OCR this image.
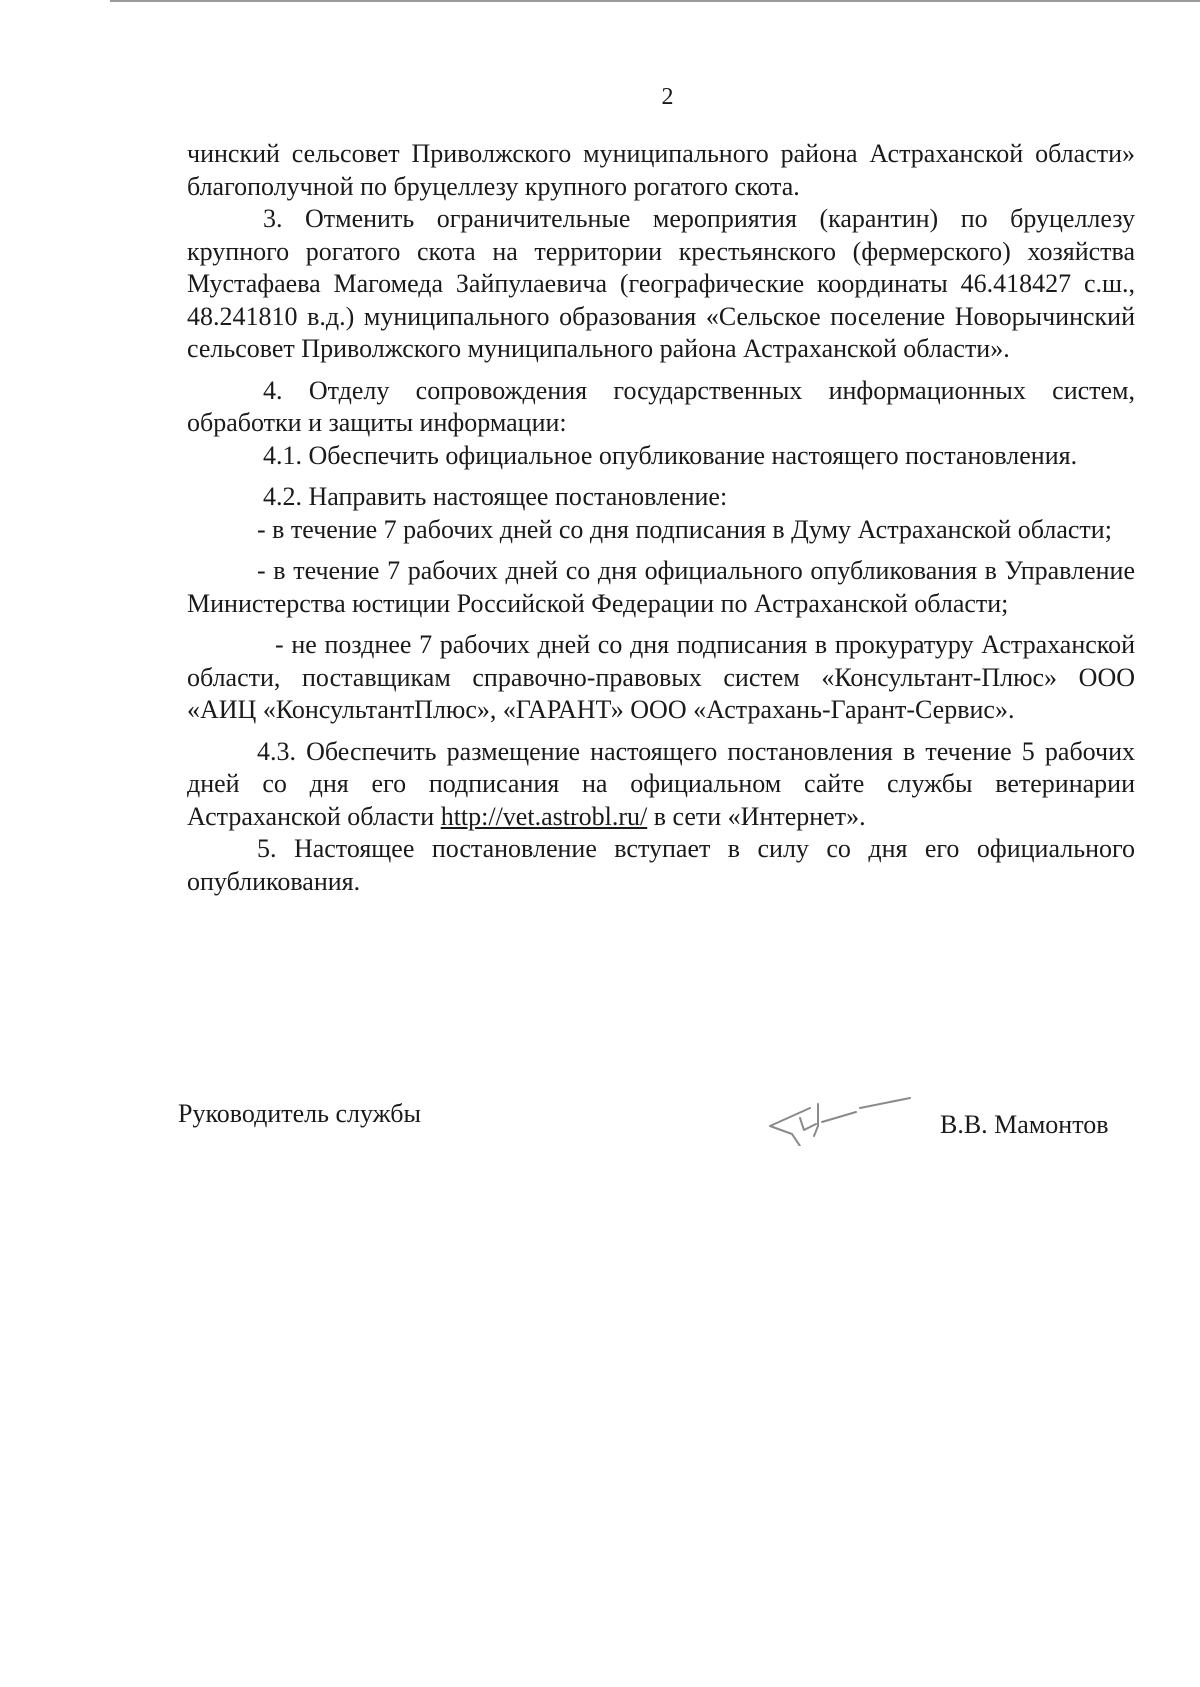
2

чинский сельсовет Приволжского муниципального района Астраханской области» благополучной по бруцеллезу крупного рогатого скота.

3. Отменить ограничительные мероприятия (карантин) по бруцеллезу крупного рогатого скота на территории крестьянского (фермерского) хозяйства Мустафаева Магомеда Зайпулаевича (географические координаты 46.418427 с.ш., 48.241810 в.д.) муниципального образования «Сельское поселение Новорычинский сельсовет Приволжского муниципального района Астраханской области».

4. Отделу сопровождения государственных информационных систем, обработки и защиты информации:

4.1. Обеспечить официальное опубликование настоящего постановления.

4.2. Направить настоящее постановление:

- в течение 7 рабочих дней со дня подписания в Думу Астраханской области;

- в течение 7 рабочих дней со дня официального опубликования в Управление Министерства юстиции Российской Федерации по Астраханской области;

- не позднее 7 рабочих дней со дня подписания в прокуратуру Астраханской области, поставщикам справочно-правовых систем «Консультант-Плюс» ООО «АИЦ «КонсультантПлюс», «ГАРАНТ» ООО «Астрахань-Гарант-Сервис».

4.3. Обеспечить размещение настоящего постановления в течение 5 рабочих дней со дня его подписания на официальном сайте службы ветеринарии Астраханской области http://vet.astrobl.ru/ в сети «Интернет».

5. Настоящее постановление вступает в силу со дня его официального опубликования.

Руководитель службы	В.В. Мамонтов
